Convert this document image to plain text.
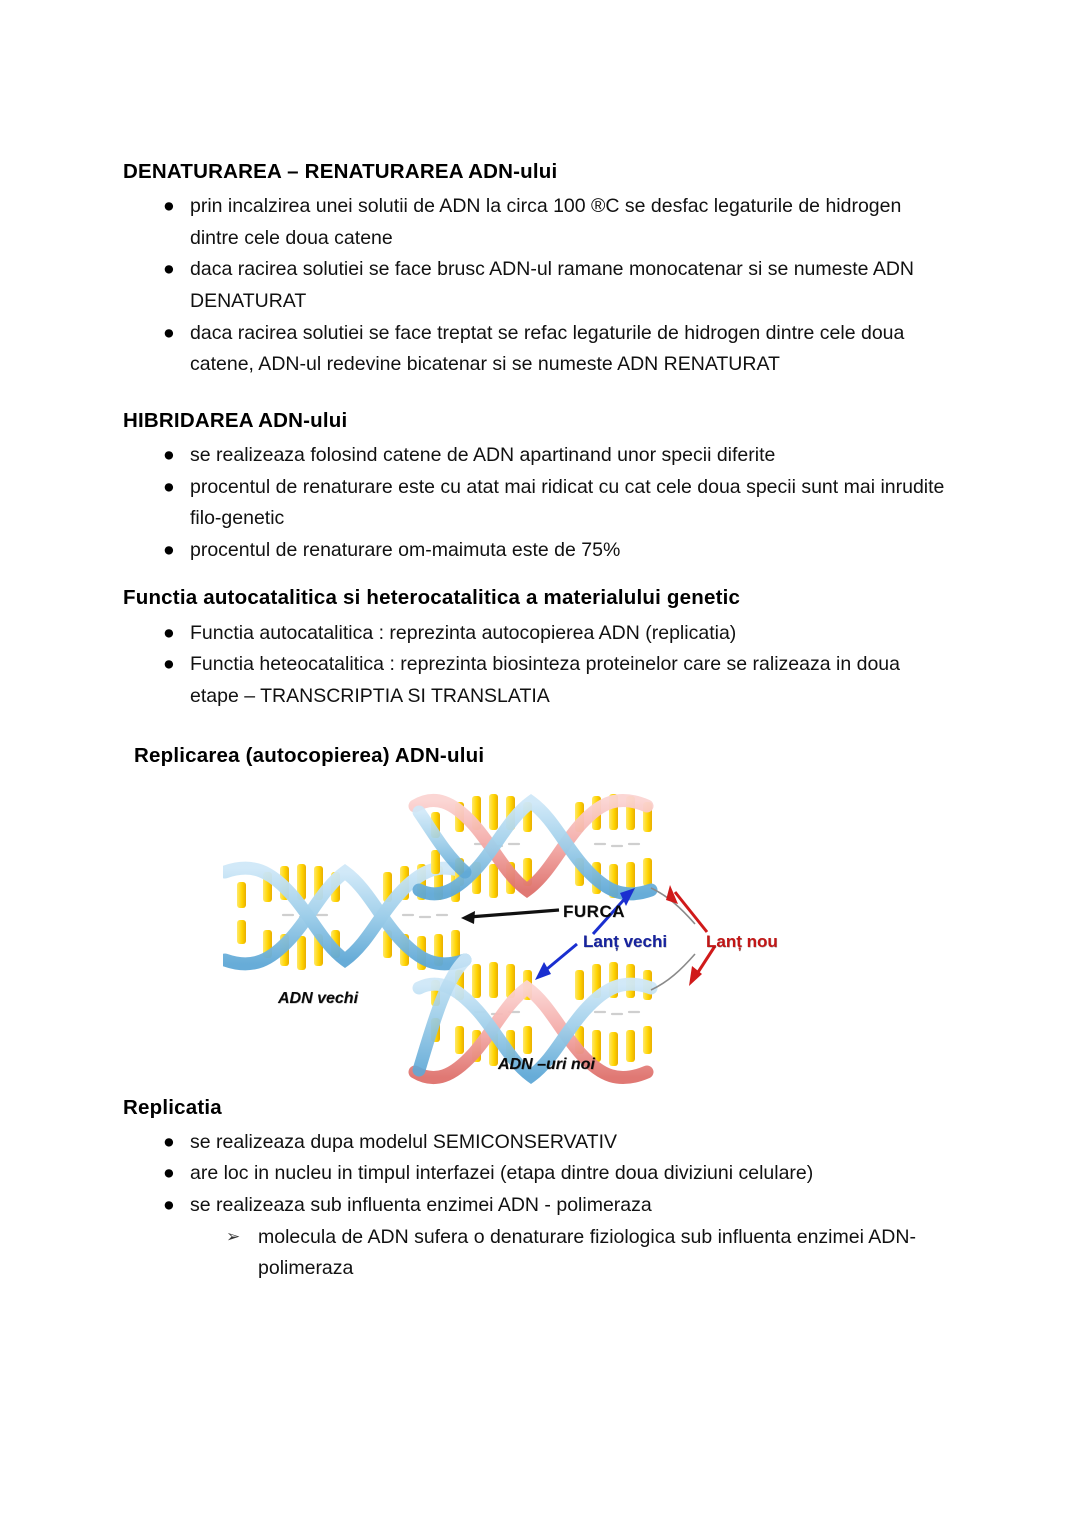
DENATURAREA – RENATURAREA ADN-ului
● prin incalzirea unei solutii de ADN la circa 100 ®C se desfac legaturile de hidrogen dintre cele doua catene
● daca racirea solutiei se face brusc ADN-ul ramane monocatenar si se numeste ADN DENATURAT
● daca racirea solutiei se face treptat se refac legaturile de hidrogen dintre cele doua catene, ADN-ul redevine bicatenar si se numeste ADN RENATURAT
HIBRIDAREA ADN-ului
● se realizeaza folosind catene de ADN apartinand unor specii diferite
● procentul de renaturare este cu atat mai ridicat cu cat cele doua specii sunt mai inrudite filo-genetic
● procentul de renaturare om-maimuta este de 75%
Functia autocatalitica si heterocatalitica a materialului genetic
● Functia autocatalitica : reprezinta autocopierea ADN (replicatia)
● Functia heteocatalitica : reprezinta biosinteza proteinelor care se ralizeaza in doua etape – TRANSCRIPTIA SI TRANSLATIA
Replicarea (autocopierea) ADN-ului
FURCA
Lanț vechi Lanț nou
ADN vechi
ADN –uri noi
Replicatia
● se realizeaza dupa modelul SEMICONSERVATIV
● are loc in nucleu in timpul interfazei (etapa dintre doua diviziuni celulare)
● se realizeaza sub influenta enzimei ADN - polimeraza
➢ molecula de ADN sufera o denaturare fiziologica sub influenta enzimei ADN-polimeraza
